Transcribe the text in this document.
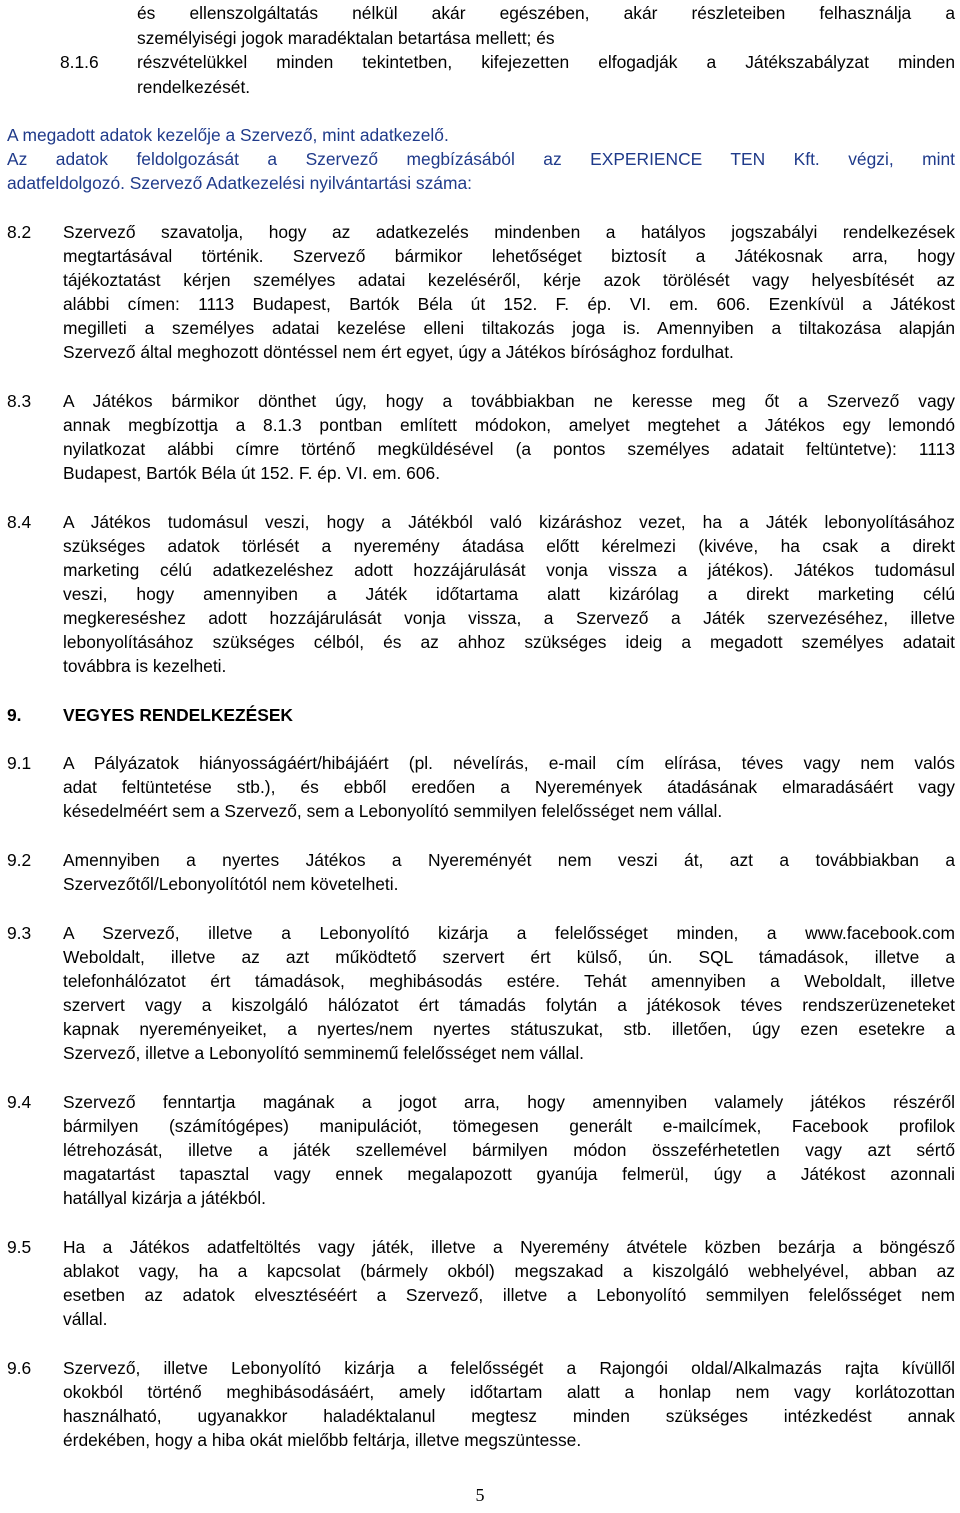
és ellenszolgáltatás nélkül akár egészében, akár részleteiben felhasználja a
személyiségi jogok maradéktalan betartása mellett; és
8.1.6 részvételükkel minden tekintetben, kifejezetten elfogadják a Játékszabályzat minden
rendelkezését.
A megadott adatok kezelője a Szervező, mint adatkezelő.
Az adatok feldolgozását a Szervező megbízásából az EXPERIENCE TEN Kft. végzi, mint
adatfeldolgozó. Szervező Adatkezelési nyilvántartási száma:
8.2 Szervező szavatolja, hogy az adatkezelés mindenben a hatályos jogszabályi rendelkezések
megtartásával történik. Szervező bármikor lehetőséget biztosít a Játékosnak arra, hogy
tájékoztatást kérjen személyes adatai kezeléséről, kérje azok törölését vagy helyesbítését az
alábbi címen: 1113 Budapest, Bartók Béla út 152. F. ép. VI. em. 606. Ezenkívül a Játékost
megilleti a személyes adatai kezelése elleni tiltakozás joga is. Amennyiben a tiltakozása alapján
Szervező által meghozott döntéssel nem ért egyet, úgy a Játékos bírósághoz fordulhat.
8.3 A Játékos bármikor dönthet úgy, hogy a továbbiakban ne keresse meg őt a Szervező vagy
annak megbízottja a 8.1.3 pontban említett módokon, amelyet megtehet a Játékos egy lemondó
nyilatkozat alábbi címre történő megküldésével (a pontos személyes adatait feltüntetve): 1113
Budapest, Bartók Béla út 152. F. ép. VI. em. 606.
8.4 A Játékos tudomásul veszi, hogy a Játékból való kizáráshoz vezet, ha a Játék lebonyolításához
szükséges adatok törlését a nyeremény átadása előtt kérelmezi (kivéve, ha csak a direkt
marketing célú adatkezeléshez adott hozzájárulását vonja vissza a játékos). Játékos tudomásul
veszi, hogy amennyiben a Játék időtartama alatt kizárólag a direkt marketing célú
megkereséshez adott hozzájárulását vonja vissza, a Szervező a Játék szervezéséhez, illetve
lebonyolításához szükséges célból, és az ahhoz szükséges ideig a megadott személyes adatait
továbbra is kezelheti.
9. VEGYES RENDELKEZÉSEK
9.1 A Pályázatok hiányosságáért/hibájáért (pl. névelírás, e-mail cím elírása, téves vagy nem valós
adat feltüntetése stb.), és ebből eredően a Nyeremények átadásának elmaradásáért vagy
késedelméért sem a Szervező, sem a Lebonyolító semmilyen felelősséget nem vállal.
9.2 Amennyiben a nyertes Játékos a Nyereményét nem veszi át, azt a továbbiakban a
Szervezőtől/Lebonyolítótól nem követelheti.
9.3 A Szervező, illetve a Lebonyolító kizárja a felelősséget minden, a www.facebook.com
Weboldalt, illetve az azt működtető szervert ért külső, ún. SQL támadások, illetve a
telefonhálózatot ért támadások, meghibásodás estére. Tehát amennyiben a Weboldalt, illetve
szervert vagy a kiszolgáló hálózatot ért támadás folytán a játékosok téves rendszerüzeneteket
kapnak nyereményeiket, a nyertes/nem nyertes státuszukat, stb. illetően, úgy ezen esetekre a
Szervező, illetve a Lebonyolító semminemű felelősséget nem vállal.
9.4 Szervező fenntartja magának a jogot arra, hogy amennyiben valamely játékos részéről
bármilyen (számítógépes) manipulációt, tömegesen generált e-mailcímek, Facebook profilok
létrehozását, illetve a játék szellemével bármilyen módon összeférhetetlen vagy azt sértő
magatartást tapasztal vagy ennek megalapozott gyanúja felmerül, úgy a Játékost azonnali
hatállyal kizárja a játékból.
9.5 Ha a Játékos adatfeltöltés vagy játék, illetve a Nyeremény átvétele közben bezárja a böngésző
ablakot vagy, ha a kapcsolat (bármely okból) megszakad a kiszolgáló webhelyével, abban az
esetben az adatok elvesztéséért a Szervező, illetve a Lebonyolító semmilyen felelősséget nem
vállal.
9.6 Szervező, illetve Lebonyolító kizárja a felelősségét a Rajongói oldal/Alkalmazás rajta kívüllől
okokból történő meghibásodásáért, amely időtartam alatt a honlap nem vagy korlátozottan
használható, ugyanakkor haladéktalanul megtesz minden szükséges intézkedést annak
érdekében, hogy a hiba okát mielőbb feltárja, illetve megszüntesse.
5
